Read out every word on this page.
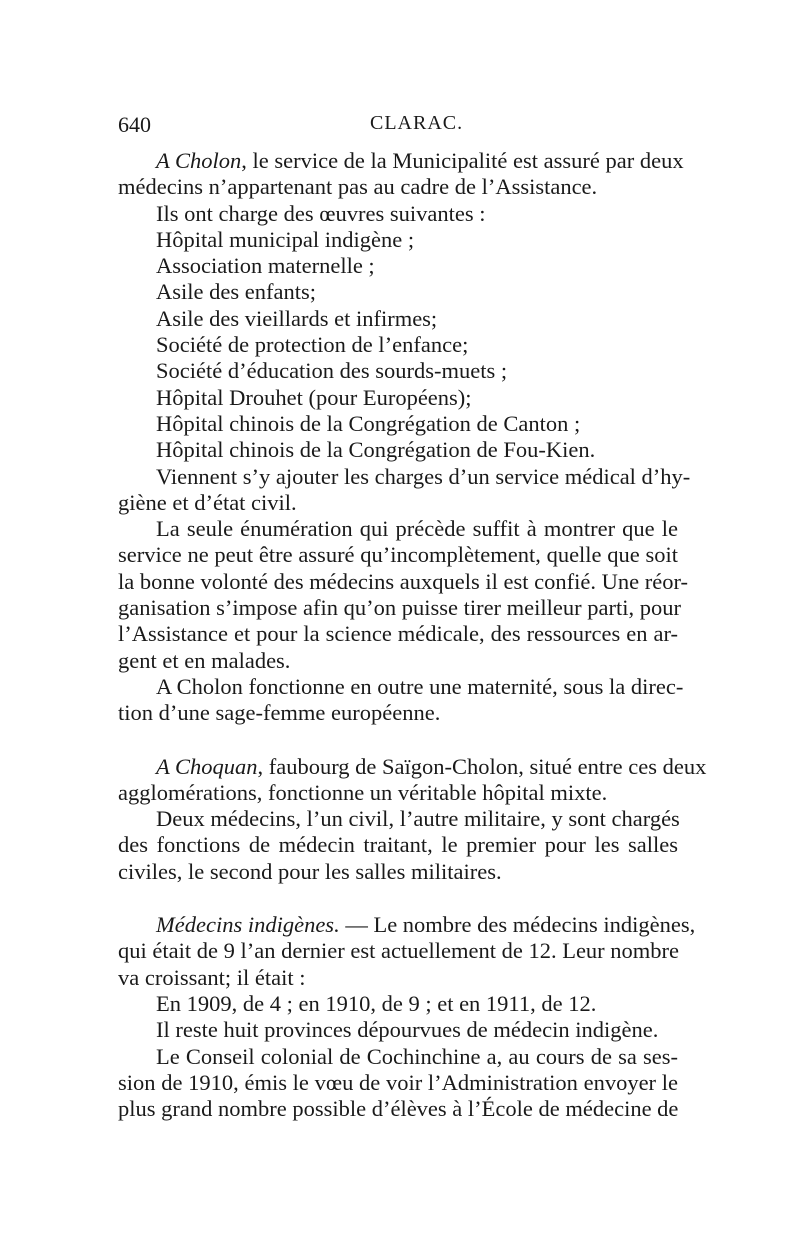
640	CLARAC.
A Cholon, le service de la Municipalité est assuré par deux
médecins n’appartenant pas au cadre de l’Assistance.
Ils ont charge des œuvres suivantes :
Hôpital municipal indigène ;
Association maternelle ;
Asile des enfants;
Asile des vieillards et infirmes;
Société de protection de l’enfance;
Société d’éducation des sourds-muets ;
Hôpital Drouhet (pour Européens);
Hôpital chinois de la Congrégation de Canton ;
Hôpital chinois de la Congrégation de Fou-Kien.
Viennent s’y ajouter les charges d’un service médical d’hy-
giène et d’état civil.
La seule énumération qui précède suffit à montrer que le
service ne peut être assuré qu’incomplètement, quelle que soit
la bonne volonté des médecins auxquels il est confié. Une réor-
ganisation s’impose afin qu’on puisse tirer meilleur parti, pour
l’Assistance et pour la science médicale, des ressources en ar-
gent et en malades.
A Cholon fonctionne en outre une maternité, sous la direc-
tion d’une sage-femme européenne.
A Choquan, faubourg de Saïgon-Cholon, situé entre ces deux
agglomérations, fonctionne un véritable hôpital mixte.
Deux médecins, l’un civil, l’autre militaire, y sont chargés
des fonctions de médecin traitant, le premier pour les salles
civiles, le second pour les salles militaires.
Médecins indigènes. — Le nombre des médecins indigènes,
qui était de 9 l’an dernier est actuellement de 12. Leur nombre
va croissant; il était :
En 1909, de 4 ; en 1910, de 9 ; et en 1911, de 12.
Il reste huit provinces dépourvues de médecin indigène.
Le Conseil colonial de Cochinchine a, au cours de sa ses-
sion de 1910, émis le vœu de voir l’Administration envoyer le
plus grand nombre possible d’élèves à l’École de médecine de
